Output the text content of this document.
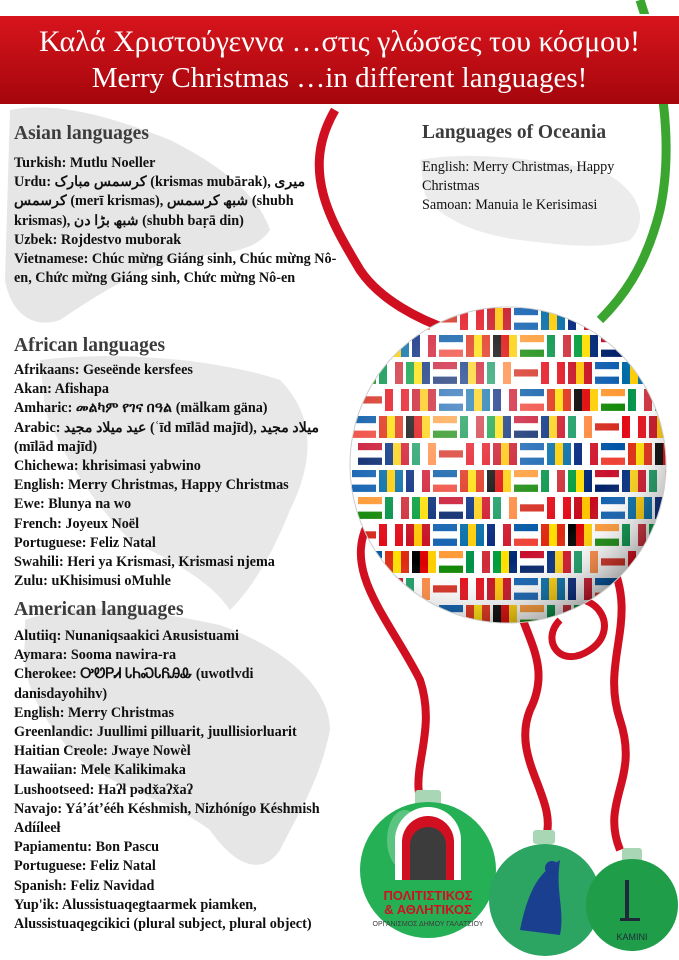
ΠΟΛΙΤΙΣΤΙΚΟΣ
& ΑΘΛΗΤΙΚΟΣ
ΟΡΓΑΝΙΣΜΟΣ ΔΗΜΟΥ ΓΑΛΑΤΣΙΟΥ
ΚΑΜΙΝΙ
Καλά Χριστούγεννα …στις γλώσσες του κόσμου!
Merry Christmas …in different languages!
Asian languages
Turkish: Mutlu Noeller
Urdu: کرسمس مبارک (krismas mubārak), میری کرسمس (merī krismas), شبھ کرسمس (shubh krismas), شبھ بڑا دن (shubh baṛā din)
Uzbek: Rojdestvo muborak
Vietnamese: Chúc mừng Giáng sinh, Chúc mừng Nô-en, Chức mừng Giáng sinh, Chức mừng Nô-en
African languages
Afrikaans: Geseënde kersfees
Akan: Afishapa
Amharic: መልካም የገና በዓል (mälkam gäna)
Arabic: عيد ميلاد مجيد (ʿīd mīlād majīd), ميلاد مجيد (mīlād majīd)
Chichewa: khrisimasi yabwino
English: Merry Christmas, Happy Christmas
Ewe: Blunya na wo
French: Joyeux Noël
Portuguese: Feliz Natal
Swahili: Heri ya Krismasi, Krismasi njema
Zulu: uKhisimusi oMuhle
American languages
Alutiiq: Nunaniqsaakici Aʀusistuami
Aymara: Sooma nawira-ra
Cherokee: ᎤᏬᏢᏗ ᏓᏂᏍᏓᏲᎯᎲ (uwotlvdi danisdayohihv)
English: Merry Christmas
Greenlandic: Juullimi pilluarit, juullisiorluarit
Haitian Creole: Jwaye Nowèl
Hawaiian: Mele Kalikimaka
Lushootseed: Haʔɬ pədx̌aʔx̌aʔ
Navajo: Yáʼátʼééh Késhmish, Nizhónígo Késhmish Adííleeł
Papiamentu: Bon Pascu
Portuguese: Feliz Natal
Spanish: Feliz Navidad
Yup'ik: Alussistuaqegtaarmek piamken, Alussistuaqegcikici (plural subject, plural object)
Languages of Oceania
English: Merry Christmas, Happy Christmas
Samoan: Manuia le Kerisimasi
